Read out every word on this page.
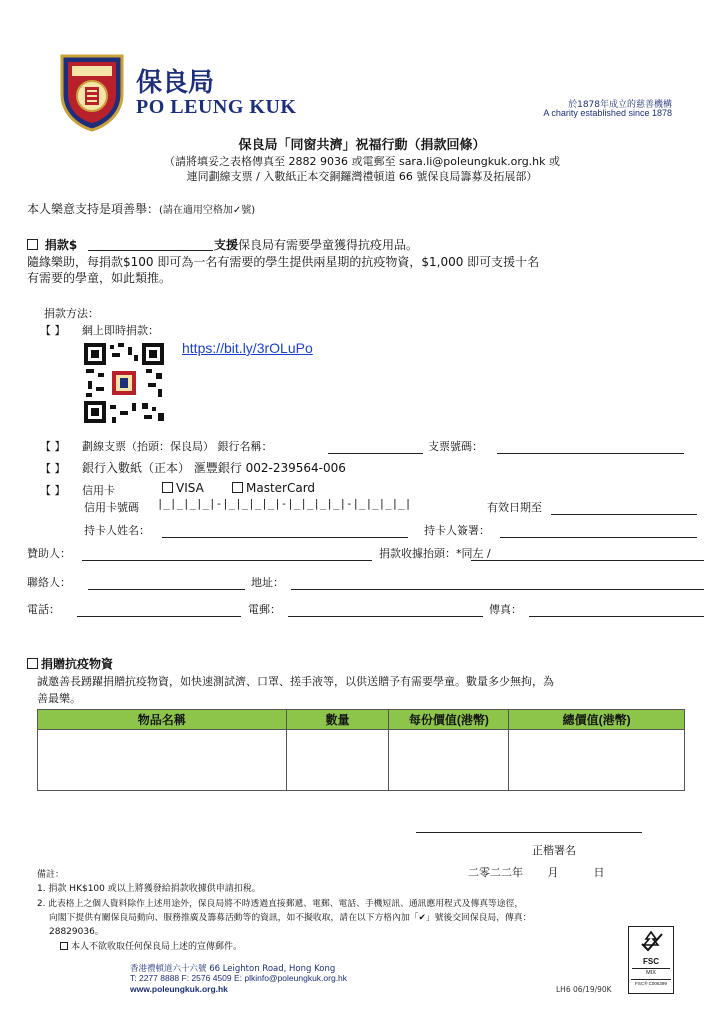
保良局
PO LEUNG KUK	於1878年成立的慈善機構
A charity established since 1878
保良局「同窗共濟」祝福行動（捐款回條）
（請將填妥之表格傳真至 2882 9036 或電郵至 sara.li@poleungkuk.org.hk 或
連同劃線支票 / 入數紙正本交銅鑼灣禮頓道 66 號保良局籌募及拓展部）
本人樂意支持是項善舉：(請在適用空格加✓號)
捐款$	支援保良局有需要學童獲得抗疫用品。
隨緣樂助，每捐款$100 即可為一名有需要的學生提供兩星期的抗疫物資，$1,000 即可支援十名
有需要的學童，如此類推。
捐款方法：
【 】 網上即時捐款：
https://bit.ly/3rOLuPo
【 】 劃線支票（抬頭：保良局） 銀行名稱：	支票號碼：
【 】 銀行入數紙（正本） 滙豐銀行 002-239564-006
【 】 信用卡	VISA	MasterCard
信用卡號碼 |_|_|_|_|-|_|_|_|_|-|_|_|_|_|-|_|_|_|_|	有效日期至
持卡人姓名：	持卡人簽署：
贊助人：	捐款收據抬頭：*同左 /
聯絡人：	地址：
電話：	電郵：	傳真：
捐贈抗疫物資
誠邀善長踴躍捐贈抗疫物資，如快速測試濟、口罩、搓手液等，以供送贈予有需要學童。數量多少無拘，為
善最樂。
物品名稱	數量	每份價值(港幣)	總價值(港幣)

正楷署名
二零二二年       月          日
備註：
1. 捐款 HK$100 或以上將獲發給捐款收據供申請扣稅。
2. 此表格上之個人資料除作上述用途外，保良局將不時透過直接郵遞、電郵、電話、手機短訊、通訊應用程式及傳真等途徑，
向閣下提供有關保良局動向、服務推廣及籌募活動等的資訊，如不擬收取，請在以下方格內加「✔」號後交回保良局，傳真：
28829036。
本人不欲收取任何保良局上述的宣傳郵件。
香港禮頓道六十六號 66 Leighton Road, Hong Kong
T: 2277 8888 F: 2576 4509 E: plkinfo@poleungkuk.org.hk
www.poleungkuk.org.hk	LH6 06/19/90K
FSC
MIX
FSC® C006399
